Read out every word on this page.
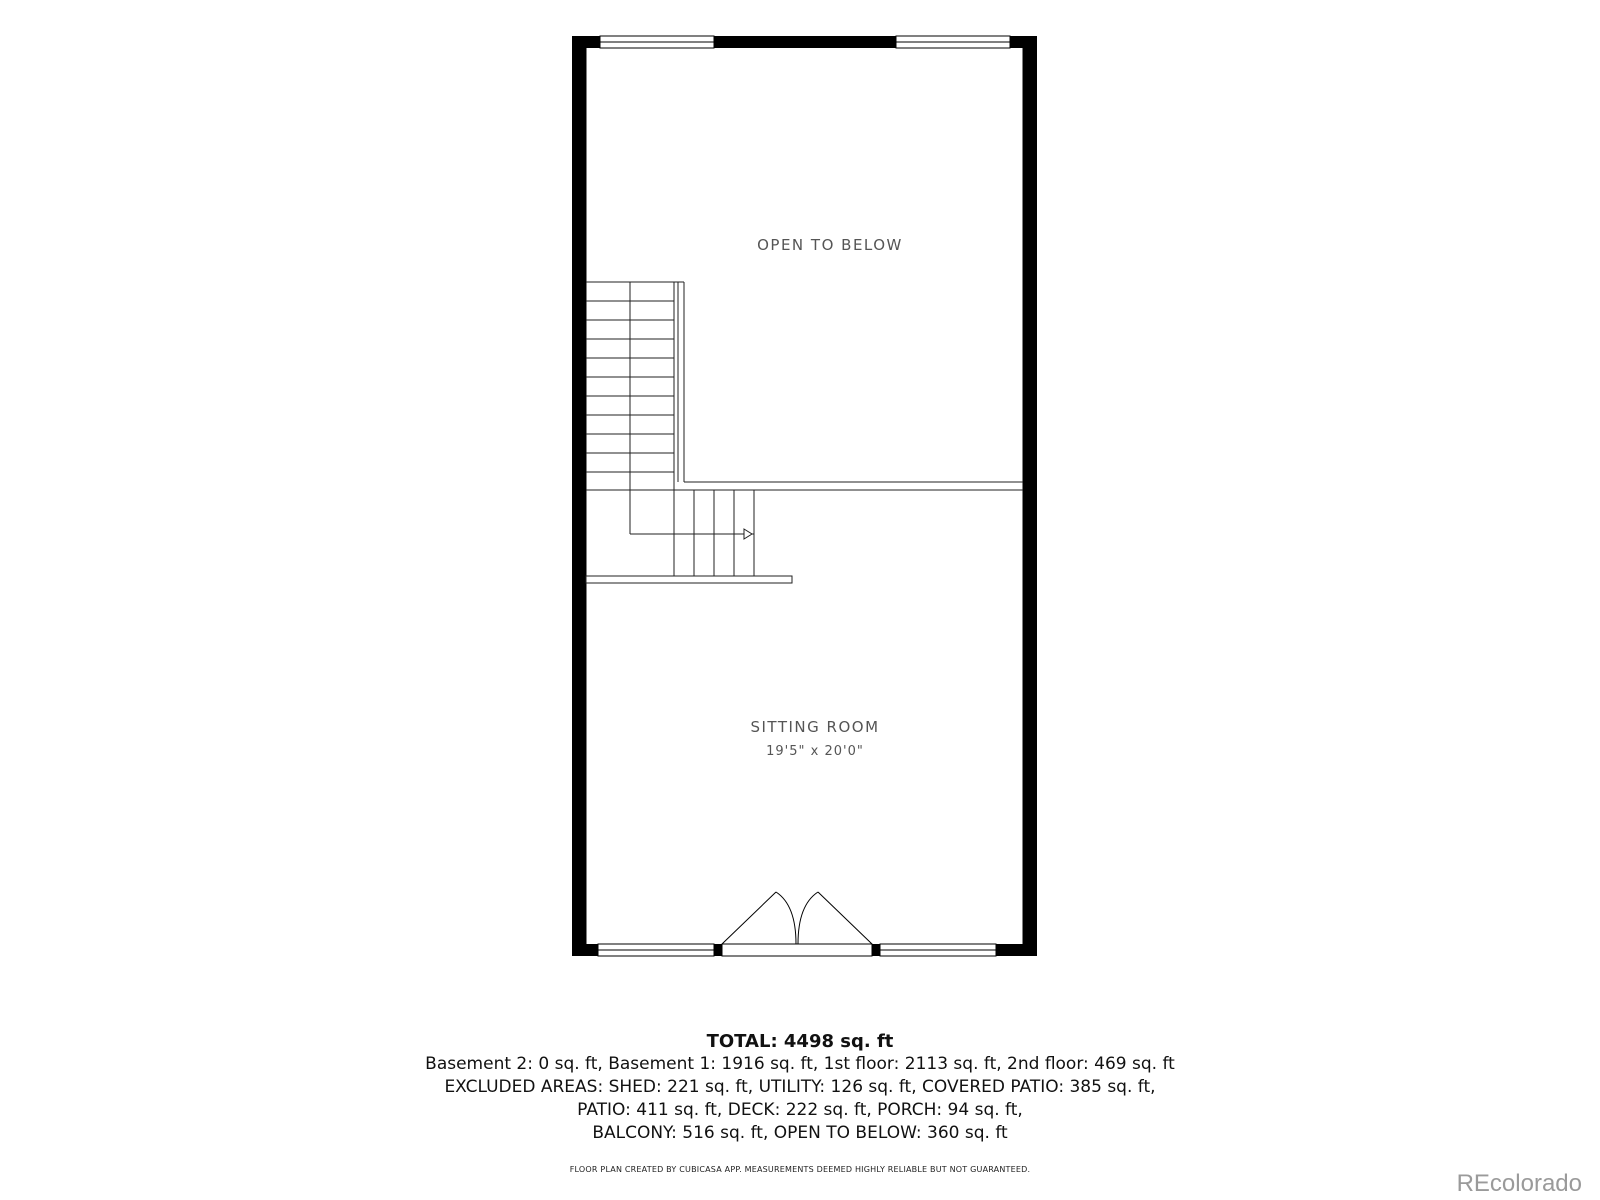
OPEN TO BELOW
SITTING ROOM
19'5" x 20'0"
TOTAL: 4498 sq. ft
Basement 2: 0 sq. ft, Basement 1: 1916 sq. ft, 1st floor: 2113 sq. ft, 2nd floor: 469 sq. ft
EXCLUDED AREAS: SHED: 221 sq. ft, UTILITY: 126 sq. ft, COVERED PATIO: 385 sq. ft,
PATIO: 411 sq. ft, DECK: 222 sq. ft, PORCH: 94 sq. ft,
BALCONY: 516 sq. ft, OPEN TO BELOW: 360 sq. ft
FLOOR PLAN CREATED BY CUBICASA APP. MEASUREMENTS DEEMED HIGHLY RELIABLE BUT NOT GUARANTEED.
REcolorado
